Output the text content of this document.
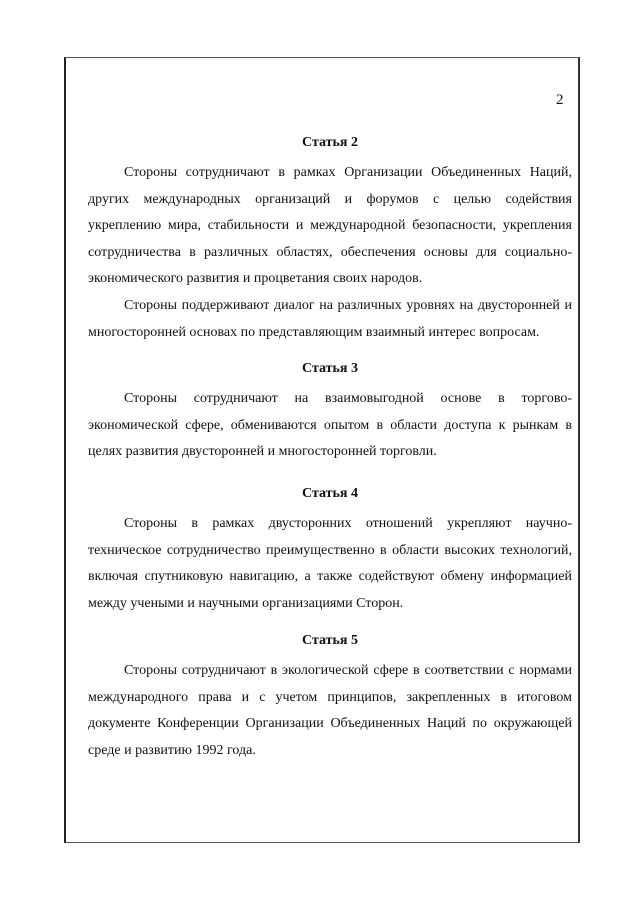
2
Статья 2

Стороны сотрудничают в рамках Организации Объединенных Наций, других международных организаций и форумов с целью содействия укреплению мира, стабильности и международной безопасности, укрепления сотрудничества в различных областях, обеспечения основы для социально-экономического развития и процветания своих народов.

Стороны поддерживают диалог на различных уровнях на двусторонней и многосторонней основах по представляющим взаимный интерес вопросам.

Статья 3

Стороны сотрудничают на взаимовыгодной основе в торгово-экономической сфере, обмениваются опытом в области доступа к рынкам в целях развития двусторонней и многосторонней торговли.

Статья 4

Стороны в рамках двусторонних отношений укрепляют научно-техническое сотрудничество преимущественно в области высоких технологий, включая спутниковую навигацию, а также содействуют обмену информацией между учеными и научными организациями Сторон.

Статья 5

Стороны сотрудничают в экологической сфере в соответствии с нормами международного права и с учетом принципов, закрепленных в итоговом документе Конференции Организации Объединенных Наций по окружающей среде и развитию 1992 года.
